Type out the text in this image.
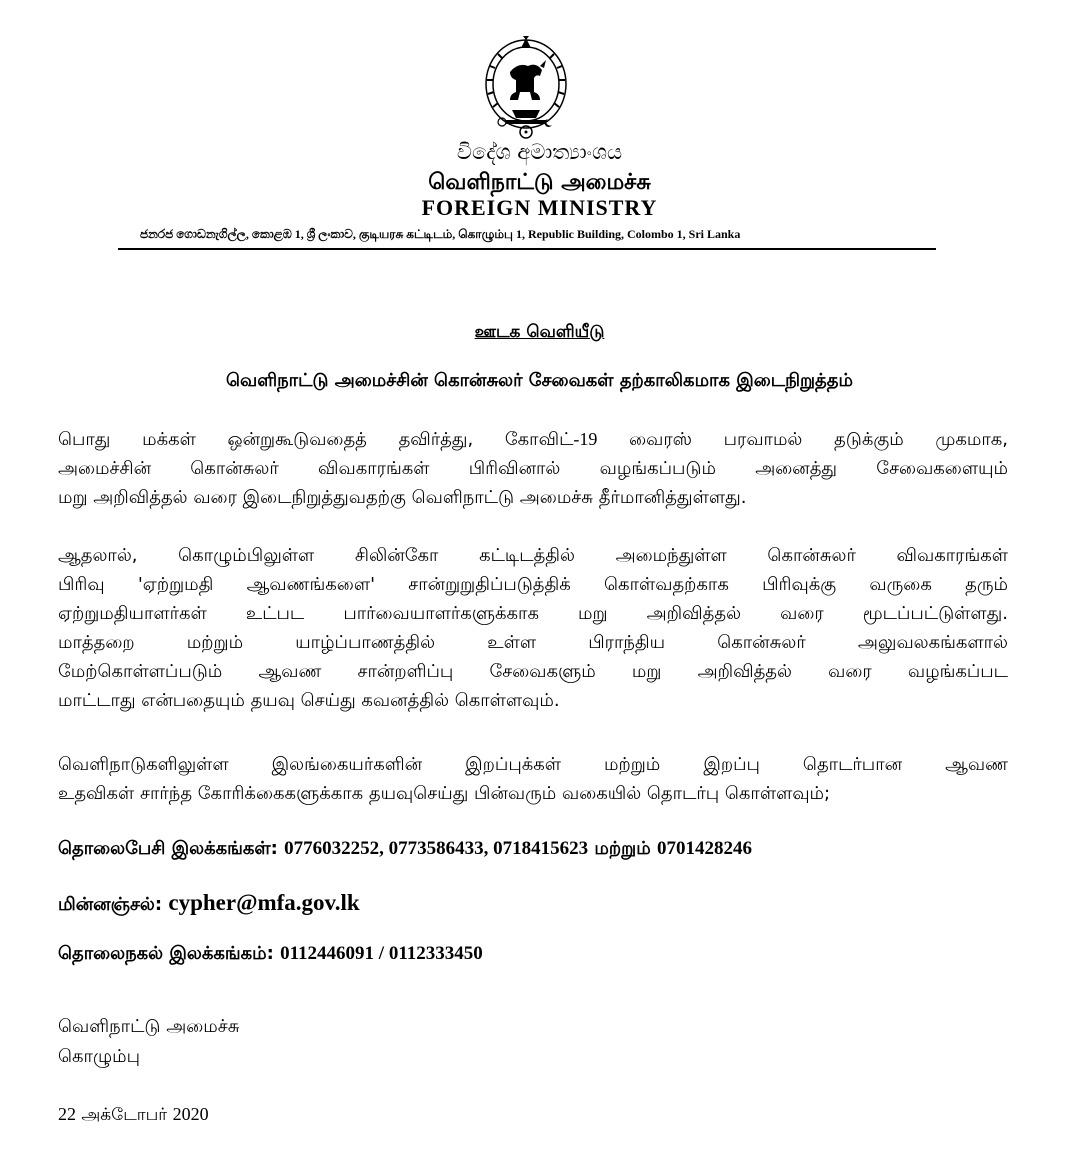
විදේශ අමාත්‍යාංශය
வெளிநாட்டு அமைச்சு
FOREIGN MINISTRY
ජනරජ ගොඩනැගිල්ල, කොළඹ 1, ශ්‍රී ලංකාව, குடியரசு கட்டிடம், கொழும்பு 1, Republic Building, Colombo 1, Sri Lanka
ஊடக வெளியீடு
வெளிநாட்டு அமைச்சின் கொன்சுலர் சேவைகள் தற்காலிகமாக இடைநிறுத்தம்
பொது மக்கள் ஒன்றுகூடுவதைத் தவிர்த்து, கோவிட்-19 வைரஸ் பரவாமல் தடுக்கும் முகமாக,
அமைச்சின் கொன்சுலர் விவகாரங்கள் பிரிவினால் வழங்கப்படும் அனைத்து சேவைகளையும்
மறு அறிவித்தல் வரை இடைநிறுத்துவதற்கு வெளிநாட்டு அமைச்சு தீர்மானித்துள்ளது.
ஆதலால், கொழும்பிலுள்ள சிலின்கோ கட்டிடத்தில் அமைந்துள்ள கொன்சுலர் விவகாரங்கள்
பிரிவு 'ஏற்றுமதி ஆவணங்களை' சான்றுறுதிப்படுத்திக் கொள்வதற்காக பிரிவுக்கு வருகை தரும்
ஏற்றுமதியாளர்கள் உட்பட பார்வையாளர்களுக்காக மறு அறிவித்தல் வரை மூடப்பட்டுள்ளது.
மாத்தறை மற்றும் யாழ்ப்பாணத்தில் உள்ள பிராந்திய கொன்சுலர் அலுவலகங்களால்
மேற்கொள்ளப்படும் ஆவண சான்றளிப்பு சேவைகளும் மறு அறிவித்தல் வரை வழங்கப்பட
மாட்டாது என்பதையும் தயவு செய்து கவனத்தில் கொள்ளவும்.
வெளிநாடுகளிலுள்ள இலங்கையர்களின் இறப்புக்கள் மற்றும் இறப்பு தொடர்பான ஆவண
உதவிகள் சார்ந்த கோரிக்கைகளுக்காக தயவுசெய்து பின்வரும் வகையில் தொடர்பு கொள்ளவும்;
தொலைபேசி இலக்கங்கள்: 0776032252, 0773586433, 0718415623 மற்றும் 0701428246
மின்னஞ்சல்: cypher@mfa.gov.lk
தொலைநகல் இலக்கங்கம்: 0112446091 / 0112333450
வெளிநாட்டு அமைச்சு
கொழும்பு
22 அக்டோபர் 2020
